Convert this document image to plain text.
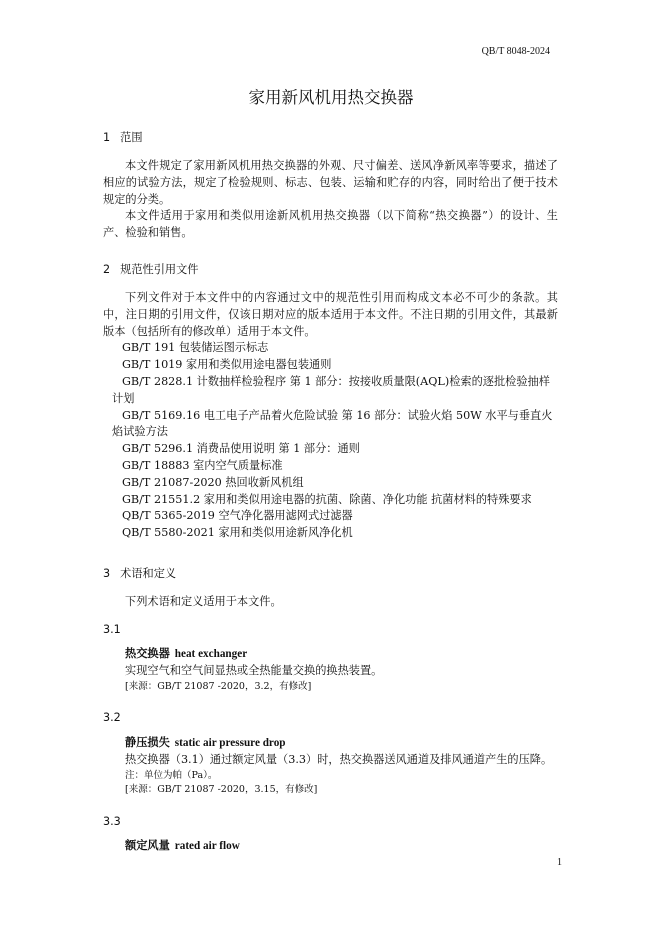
QB/T 8048-2024
家用新风机用热交换器
1 范围

本文件规定了家用新风机用热交换器的外观、尺寸偏差、送风净新风率等要求，描述了相应的试验方法，规定了检验规则、标志、包装、运输和贮存的内容，同时给出了便于技术规定的分类。

本文件适用于家用和类似用途新风机用热交换器（以下简称“热交换器”）的设计、生产、检验和销售。

2 规范性引用文件

下列文件对于本文件中的内容通过文中的规范性引用而构成文本必不可少的条款。其中，注日期的引用文件，仅该日期对应的版本适用于本文件。不注日期的引用文件，其最新版本（包括所有的修改单）适用于本文件。

GB/T 191 包装储运图示标志

GB/T 1019 家用和类似用途电器包装通则

GB/T 2828.1 计数抽样检验程序 第 1 部分：按接收质量限(AQL)检索的逐批检验抽样计划

GB/T 5169.16 电工电子产品着火危险试验 第 16 部分：试验火焰 50W 水平与垂直火焰试验方法

GB/T 5296.1 消费品使用说明 第 1 部分：通则

GB/T 18883 室内空气质量标准

GB/T 21087-2020 热回收新风机组

GB/T 21551.2 家用和类似用途电器的抗菌、除菌、净化功能 抗菌材料的特殊要求

QB/T 5365-2019 空气净化器用滤网式过滤器

QB/T 5580-2021 家用和类似用途新风净化机

3 术语和定义

下列术语和定义适用于本文件。

3.1
热交换器 heat exchanger
实现空气和空气间显热或全热能量交换的换热装置。
[来源：GB/T 21087 -2020，3.2，有修改]
3.2
静压损失 static air pressure drop
热交换器（3.1）通过额定风量（3.3）时，热交换器送风通道及排风通道产生的压降。
注：单位为帕（Pa）。
[来源：GB/T 21087 -2020，3.15，有修改]
3.3
额定风量 rated air flow
1
